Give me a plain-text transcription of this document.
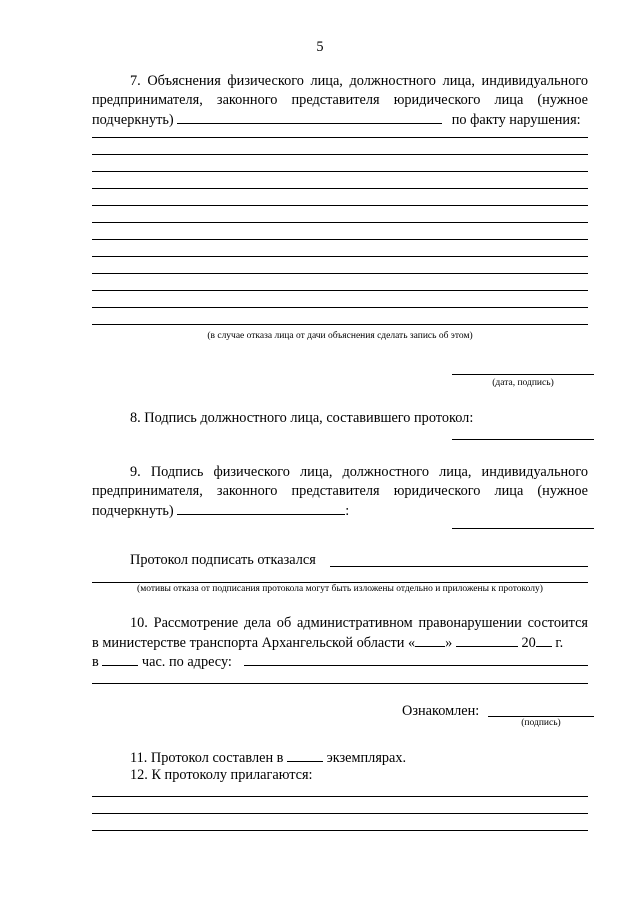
5
7. Объяснения физического лица, должностного лица, индивидуального
предпринимателя, законного представителя юридического лица (нужное
подчеркнуть)	по факту нарушения:
(в случае отказа лица от дачи объяснения сделать запись об этом)
(дата, подпись)
8. Подпись должностного лица, составившего протокол:
9. Подпись физического лица, должностного лица, индивидуального
предпринимателя, законного представителя юридического лица (нужное
подчеркнуть)	:
Протокол подписать отказался
(мотивы отказа от подписания протокола могут быть изложены отдельно и приложены к протоколу)
10. Рассмотрение дела об административном правонарушении состоится
в министерстве транспорта Архангельской области « »	20 г.
в	час. по адресу:
Ознакомлен:
(подпись)
11. Протокол составлен в	экземплярах.
12. К протоколу прилагаются:
